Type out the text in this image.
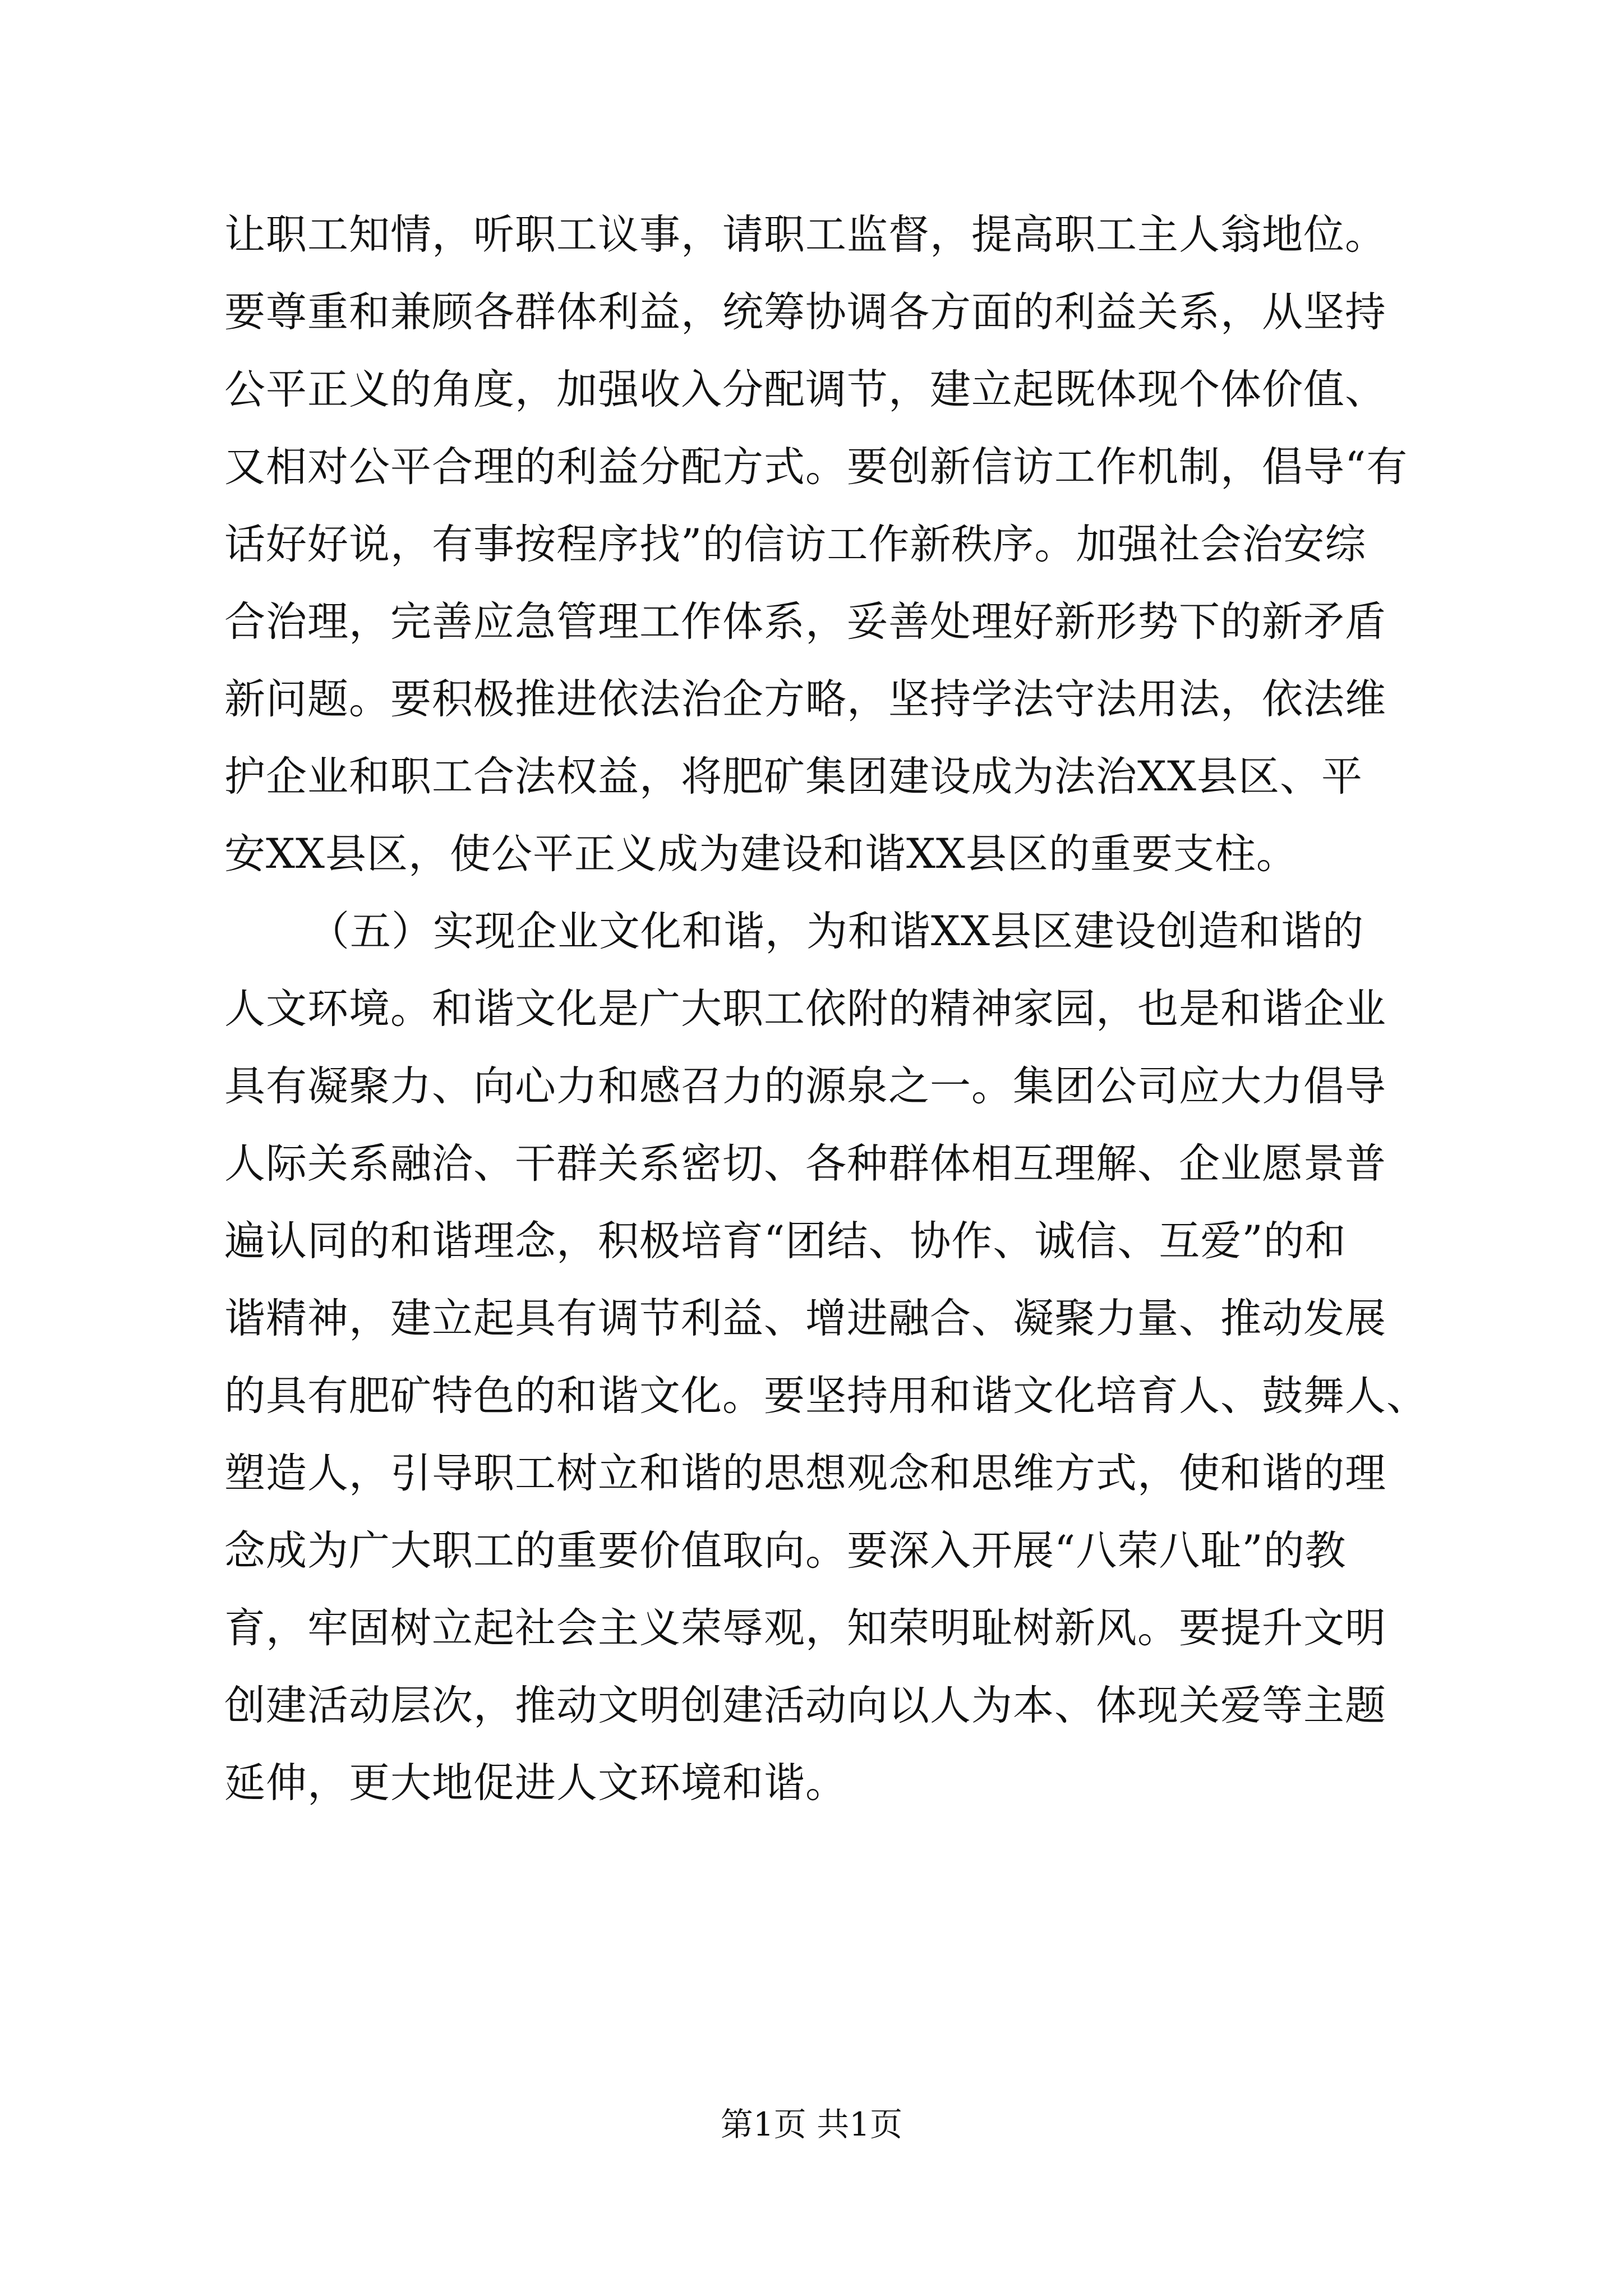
让职工知情，听职工议事，请职工监督，提高职工主人翁地位。
要尊重和兼顾各群体利益，统筹协调各方面的利益关系，从坚持
公平正义的角度，加强收入分配调节，建立起既体现个体价值、
又相对公平合理的利益分配方式。要创新信访工作机制，倡导“有
话好好说，有事按程序找”的信访工作新秩序。加强社会治安综
合治理，完善应急管理工作体系，妥善处理好新形势下的新矛盾
新问题。要积极推进依法治企方略，坚持学法守法用法，依法维
护企业和职工合法权益，将肥矿集团建设成为法治XX县区、平
安XX县区，使公平正义成为建设和谐XX县区的重要支柱。
（五）实现企业文化和谐，为和谐XX县区建设创造和谐的
人文环境。和谐文化是广大职工依附的精神家园，也是和谐企业
具有凝聚力、向心力和感召力的源泉之一。集团公司应大力倡导
人际关系融洽、干群关系密切、各种群体相互理解、企业愿景普
遍认同的和谐理念，积极培育“团结、协作、诚信、互爱”的和
谐精神，建立起具有调节利益、增进融合、凝聚力量、推动发展
的具有肥矿特色的和谐文化。要坚持用和谐文化培育人、鼓舞人、
塑造人，引导职工树立和谐的思想观念和思维方式，使和谐的理
念成为广大职工的重要价值取向。要深入开展“八荣八耻”的教
育，牢固树立起社会主义荣辱观，知荣明耻树新风。要提升文明
创建活动层次，推动文明创建活动向以人为本、体现关爱等主题
延伸，更大地促进人文环境和谐。
第1页 共1页
